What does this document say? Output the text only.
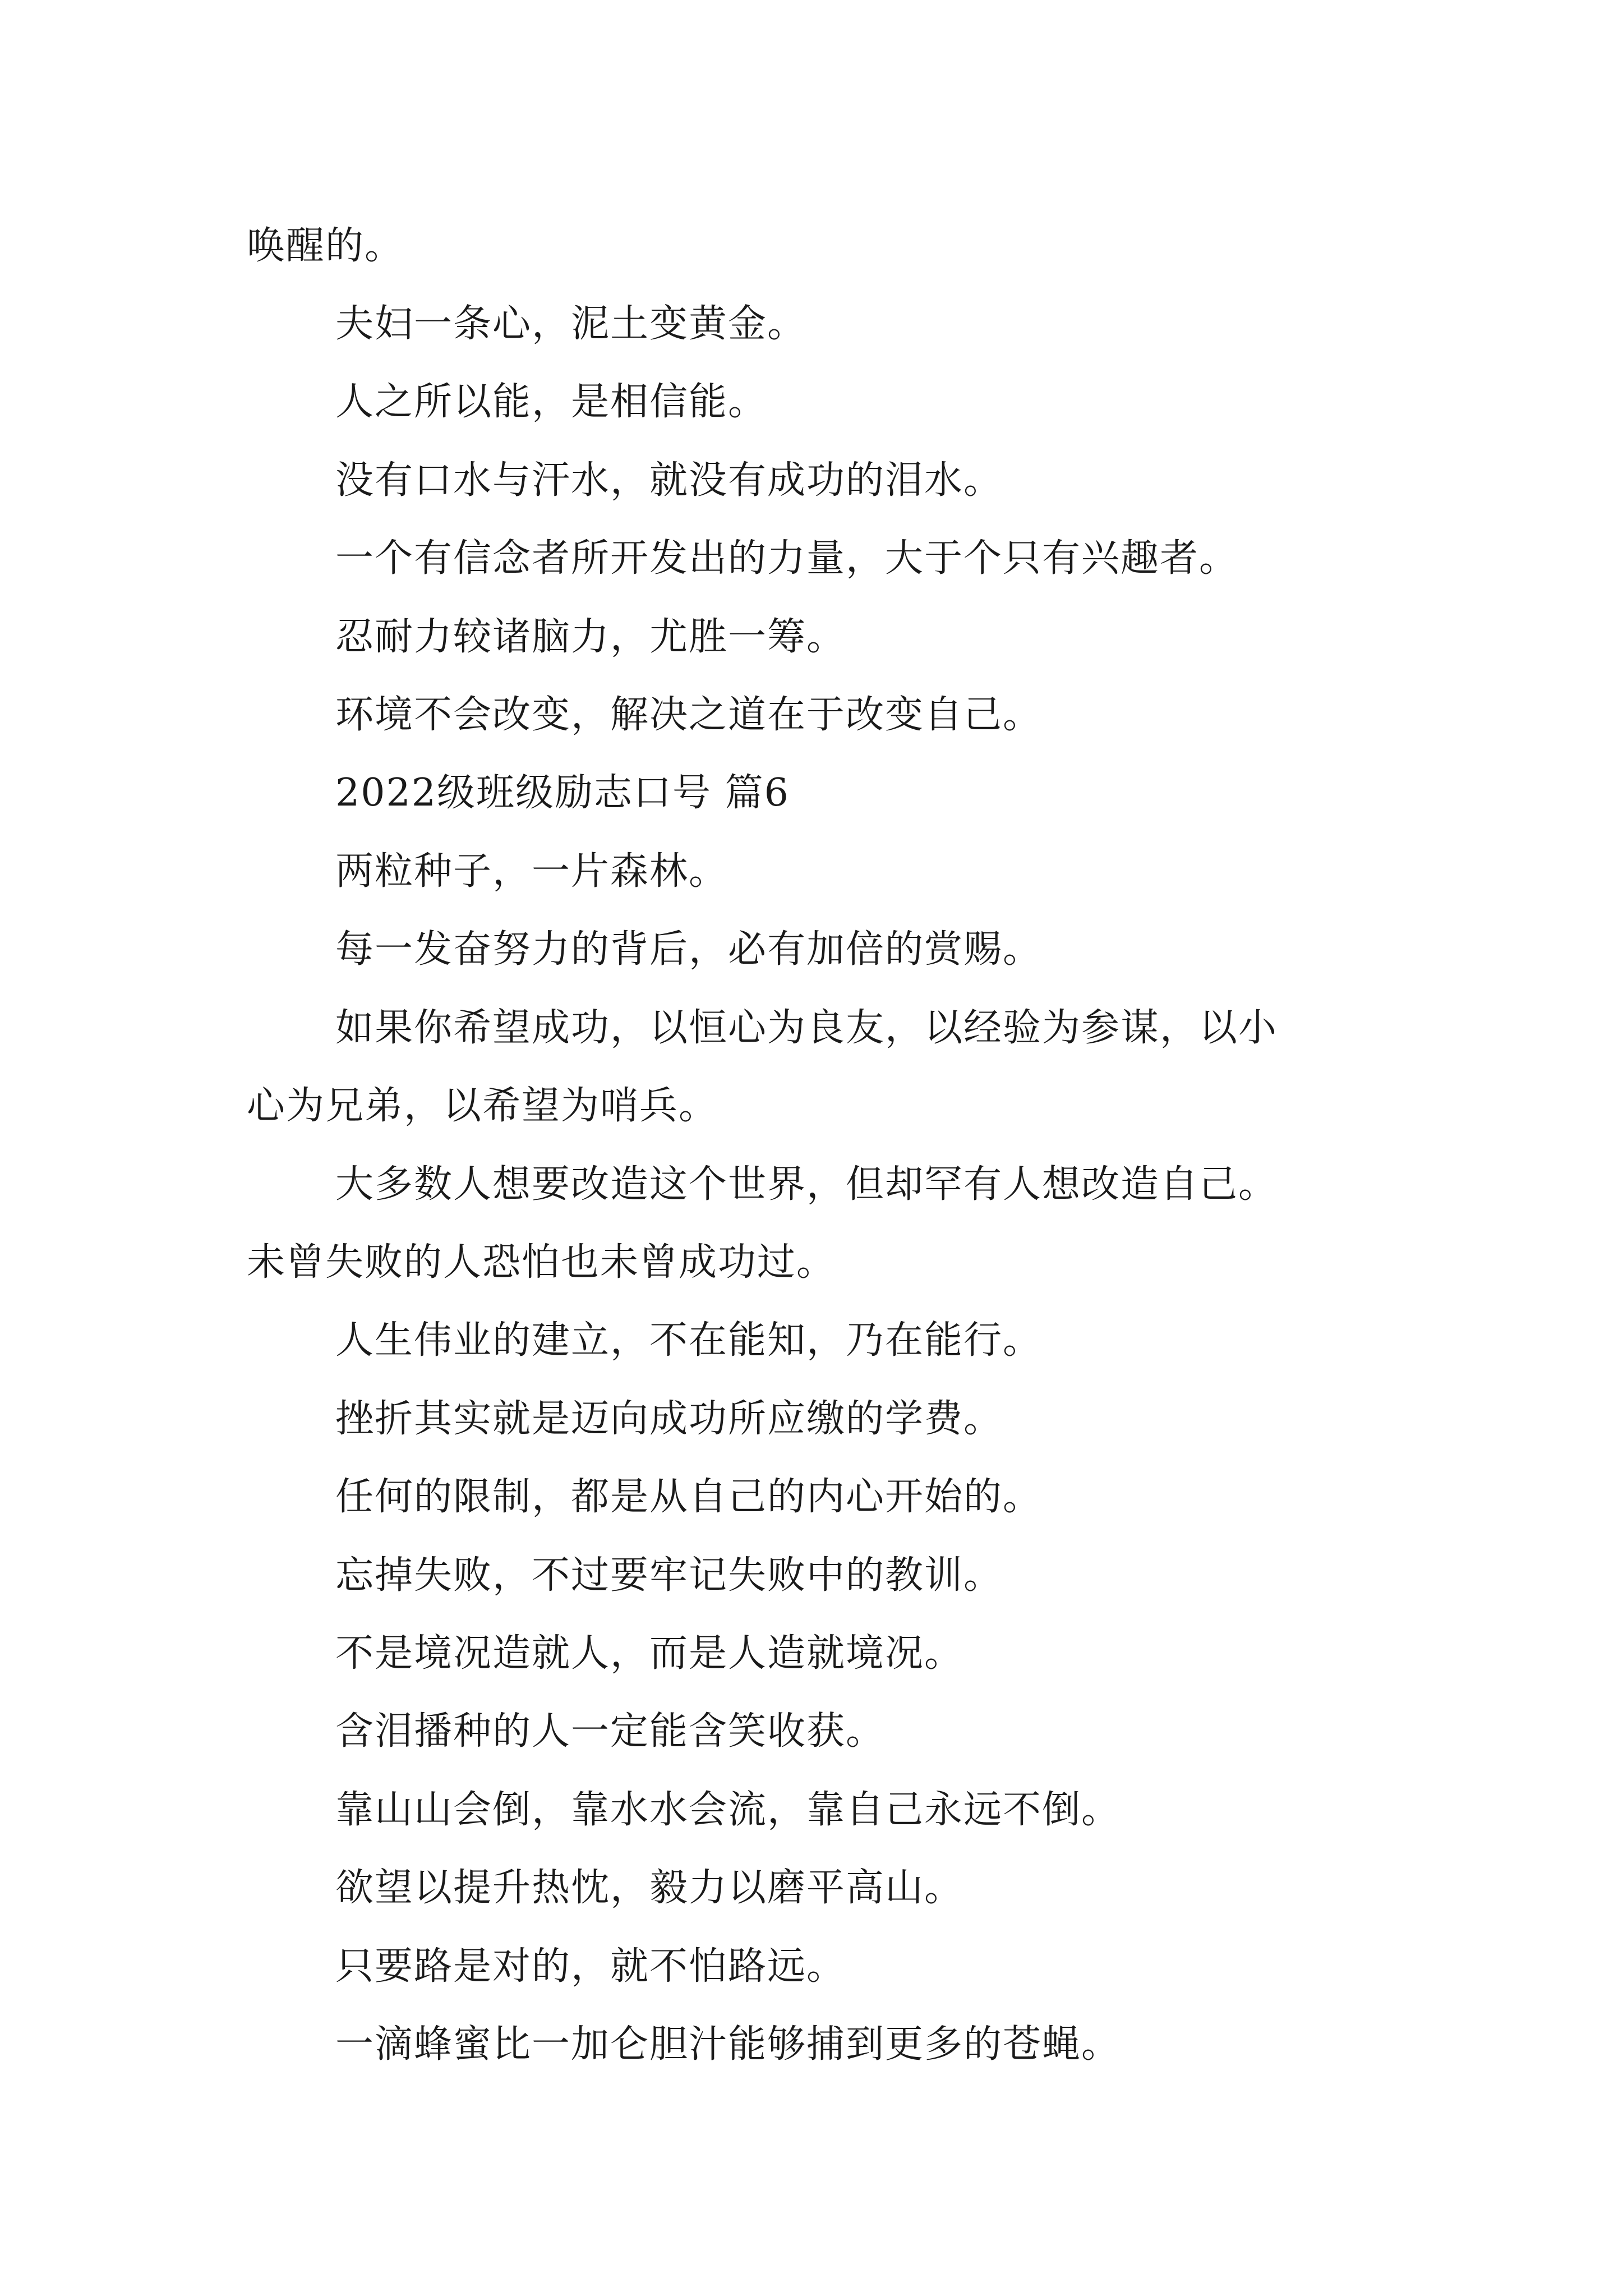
唤醒的。
夫妇一条心，泥土变黄金。
人之所以能，是相信能。
没有口水与汗水，就没有成功的泪水。
一个有信念者所开发出的力量，大于个只有兴趣者。
忍耐力较诸脑力，尤胜一筹。
环境不会改变，解决之道在于改变自己。
2022级班级励志口号 篇6
两粒种子，一片森林。
每一发奋努力的背后，必有加倍的赏赐。
如果你希望成功，以恒心为良友，以经验为参谋，以小
心为兄弟，以希望为哨兵。
大多数人想要改造这个世界，但却罕有人想改造自己。
未曾失败的人恐怕也未曾成功过。
人生伟业的建立，不在能知，乃在能行。
挫折其实就是迈向成功所应缴的学费。
任何的限制，都是从自己的内心开始的。
忘掉失败，不过要牢记失败中的教训。
不是境况造就人，而是人造就境况。
含泪播种的人一定能含笑收获。
靠山山会倒，靠水水会流，靠自己永远不倒。
欲望以提升热忱，毅力以磨平高山。
只要路是对的，就不怕路远。
一滴蜂蜜比一加仑胆汁能够捕到更多的苍蝇。
